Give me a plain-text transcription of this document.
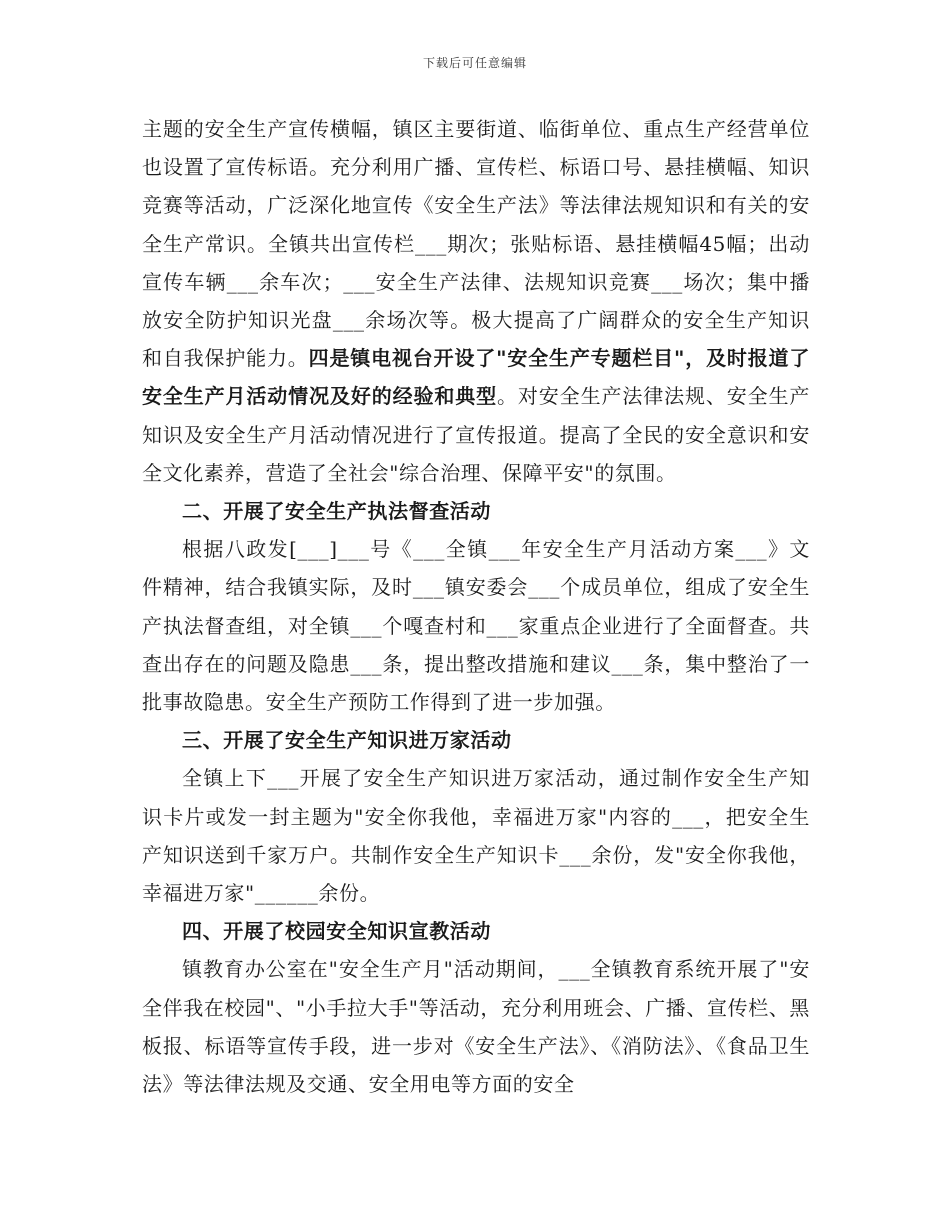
下载后可任意编辑

主题的安全生产宣传横幅，镇区主要街道、临街单位、重点生产经营单位也设置了宣传标语。充分利用广播、宣传栏、标语口号、悬挂横幅、知识竞赛等活动，广泛深化地宣传《安全生产法》等法律法规知识和有关的安全生产常识。全镇共出宣传栏___期次；张贴标语、悬挂横幅45幅；出动宣传车辆___余车次；___安全生产法律、法规知识竞赛___场次；集中播放安全防护知识光盘___余场次等。极大提高了广阔群众的安全生产知识和自我保护能力。四是镇电视台开设了"安全生产专题栏目"，及时报道了安全生产月活动情况及好的经验和典型。对安全生产法律法规、安全生产知识及安全生产月活动情况进行了宣传报道。提高了全民的安全意识和安全文化素养，营造了全社会"综合治理、保障平安"的氛围。

二、开展了安全生产执法督查活动

根据八政发[___]___号《___全镇___年安全生产月活动方案___》文件精神，结合我镇实际，及时___镇安委会___个成员单位，组成了安全生产执法督查组，对全镇___个嘎查村和___家重点企业进行了全面督查。共查出存在的问题及隐患___条，提出整改措施和建议___条，集中整治了一批事故隐患。安全生产预防工作得到了进一步加强。

三、开展了安全生产知识进万家活动

全镇上下___开展了安全生产知识进万家活动，通过制作安全生产知识卡片或发一封主题为"安全你我他，幸福进万家"内容的___，把安全生产知识送到千家万户。共制作安全生产知识卡___余份，发"安全你我他，幸福进万家"______余份。

四、开展了校园安全知识宣教活动

镇教育办公室在"安全生产月"活动期间，___全镇教育系统开展了"安全伴我在校园"、"小手拉大手"等活动，充分利用班会、广播、宣传栏、黑板报、标语等宣传手段，进一步对《安全生产法》、《消防法》、《食品卫生法》等法律法规及交通、安全用电等方面的安全
